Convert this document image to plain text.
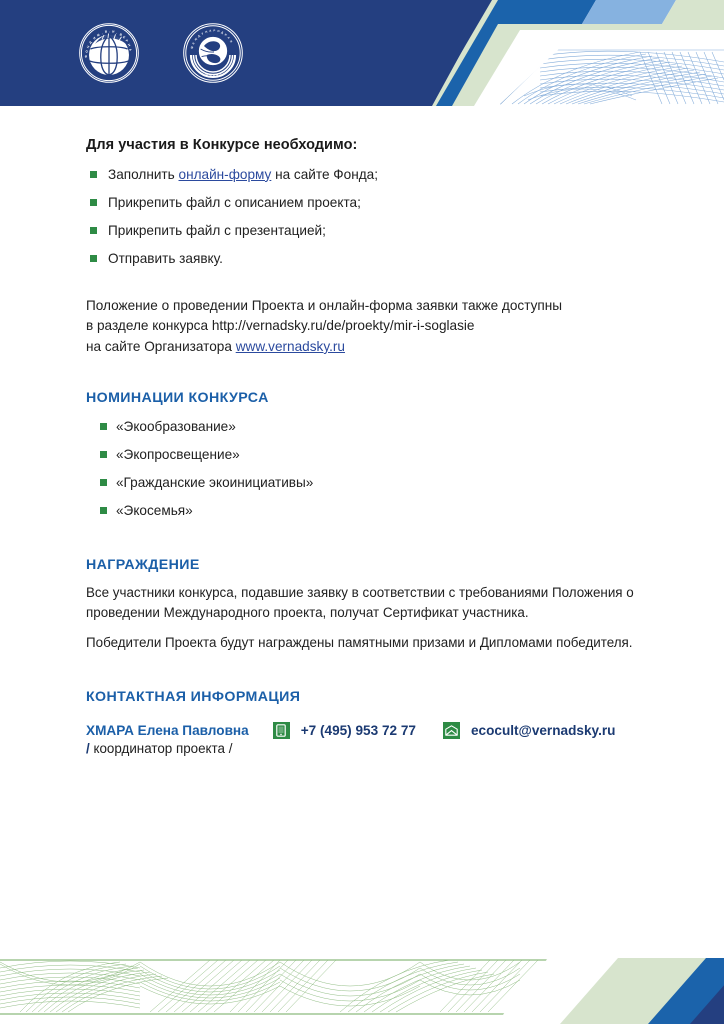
Ф
О
Н
Д
И
М . В . И . В
Е
Р
Н
А
М
Е
Ж
Д
У
Н А Р О Д
Н
А
Я
М И Р И С
Для участия в Конкурсе необходимо:
Заполнить онлайн-форму на сайте Фонда;
Прикрепить файл с описанием проекта;
Прикрепить файл с презентацией;
Отправить заявку.

Положение о проведении Проекта и онлайн-форма заявки также доступны

в разделе конкурса http://vernadsky.ru/de/proekty/mir-i-soglasie

на сайте Организатора www.vernadsky.ru

НОМИНАЦИИ КОНКУРСА
«Экообразование»
«Экопросвещение»
«Гражданские экоинициативы»
«Экосемья»
НАГРАЖДЕНИЕ

Все участники конкурса, подавшие заявку в соответствии с требованиями Положения о проведении Международного проекта, получат Сертификат участника.

Победители Проекта будут награждены памятными призами и Дипломами победителя.

КОНТАКТНАЯ ИНФОРМАЦИЯ
ХМАРА Елена Павловна	+7 (495) 953 72 77	ecocult@vernadsky.ru
/ координатор проекта /
